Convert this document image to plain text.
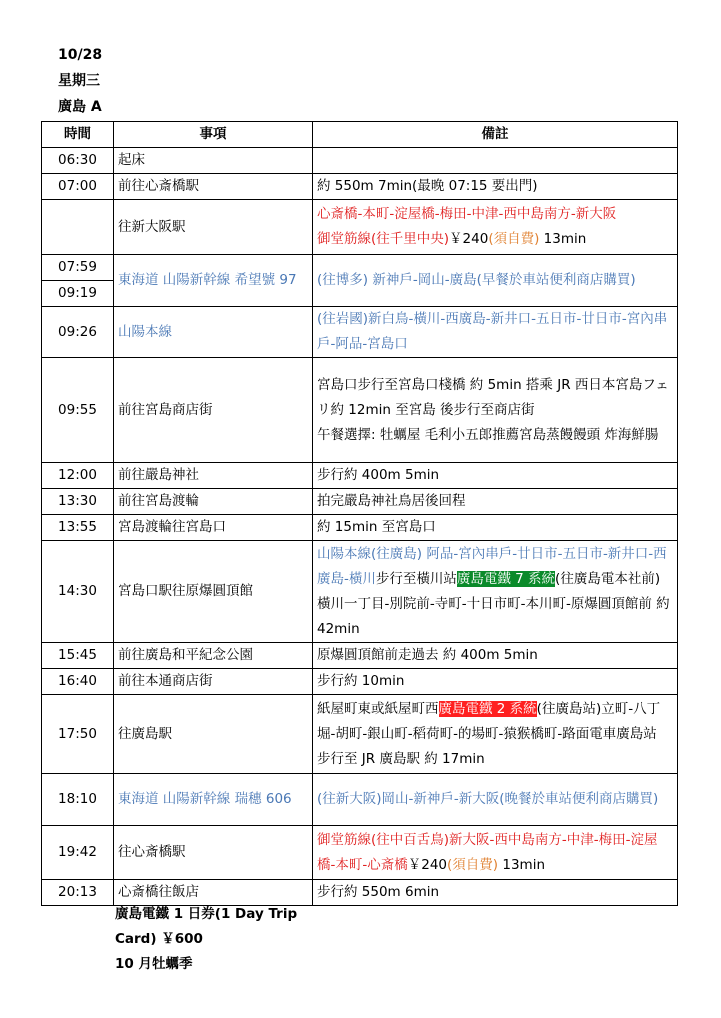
10/28
星期三
廣島 A
時間	事項	備註
06:30	起床	
07:00	前往心斎橋駅	約 550m 7min(最晚 07:15 要出門)
	往新大阪駅	心斎橋-本町-淀屋橋-梅田-中津-西中島南方-新大阪
御堂筋線(往千里中央)￥240(須自費) 13min
07:59	東海道 山陽新幹線 希望號 97	(往博多) 新神戶-岡山-廣島(早餐於車站便利商店購買)
09:19		
09:26	山陽本線	(往岩國)新白鳥-橫川-西廣島-新井口-五日市-廿日市-宮內串戶-阿品-宮島口
09:55	前往宮島商店街	宮島口步行至宮島口棧橋 約 5min 搭乘 JR 西日本宮島フェリ約 12min 至宮島 後步行至商店街
午餐選擇: 牡蠣屋 毛利小五郎推薦宮島蒸饅饅頭 炸海鮮腸
12:00	前往嚴島神社	步行約 400m 5min
13:30	前往宮島渡輪	拍完嚴島神社鳥居後回程
13:55	宮島渡輪往宮島口	約 15min 至宮島口
14:30	宮島口駅往原爆圓頂館	山陽本線(往廣島) 阿品-宮內串戶-廿日市-五日市-新井口-西廣島-橫川步行至橫川站廣島電鐵 7 系統(往廣島電本社前) 橫川一丁目-別院前-寺町-十日市町-本川町-原爆圓頂館前 約 42min
15:45	前往廣島和平紀念公園	原爆圓頂館前走過去 約 400m 5min
16:40	前往本通商店街	步行約 10min
17:50	往廣島駅	紙屋町東或紙屋町西廣島電鐵 2 系統(往廣島站)立町-八丁堀-胡町-銀山町-稻荷町-的場町-猿猴橋町-路面電車廣島站 步行至 JR 廣島駅 約 17min
18:10	東海道 山陽新幹線 瑞穗 606	(往新大阪)岡山-新神戶-新大阪(晚餐於車站便利商店購買)
19:42	往心斎橋駅	御堂筋線(往中百舌鳥)新大阪-西中島南方-中津-梅田-淀屋橋-本町-心斎橋￥240(須自費) 13min
20:13	心斎橋往飯店	步行約 550m 6min
廣島電鐵 1 日券(1 Day Trip Card) ￥600
10 月牡蠣季
